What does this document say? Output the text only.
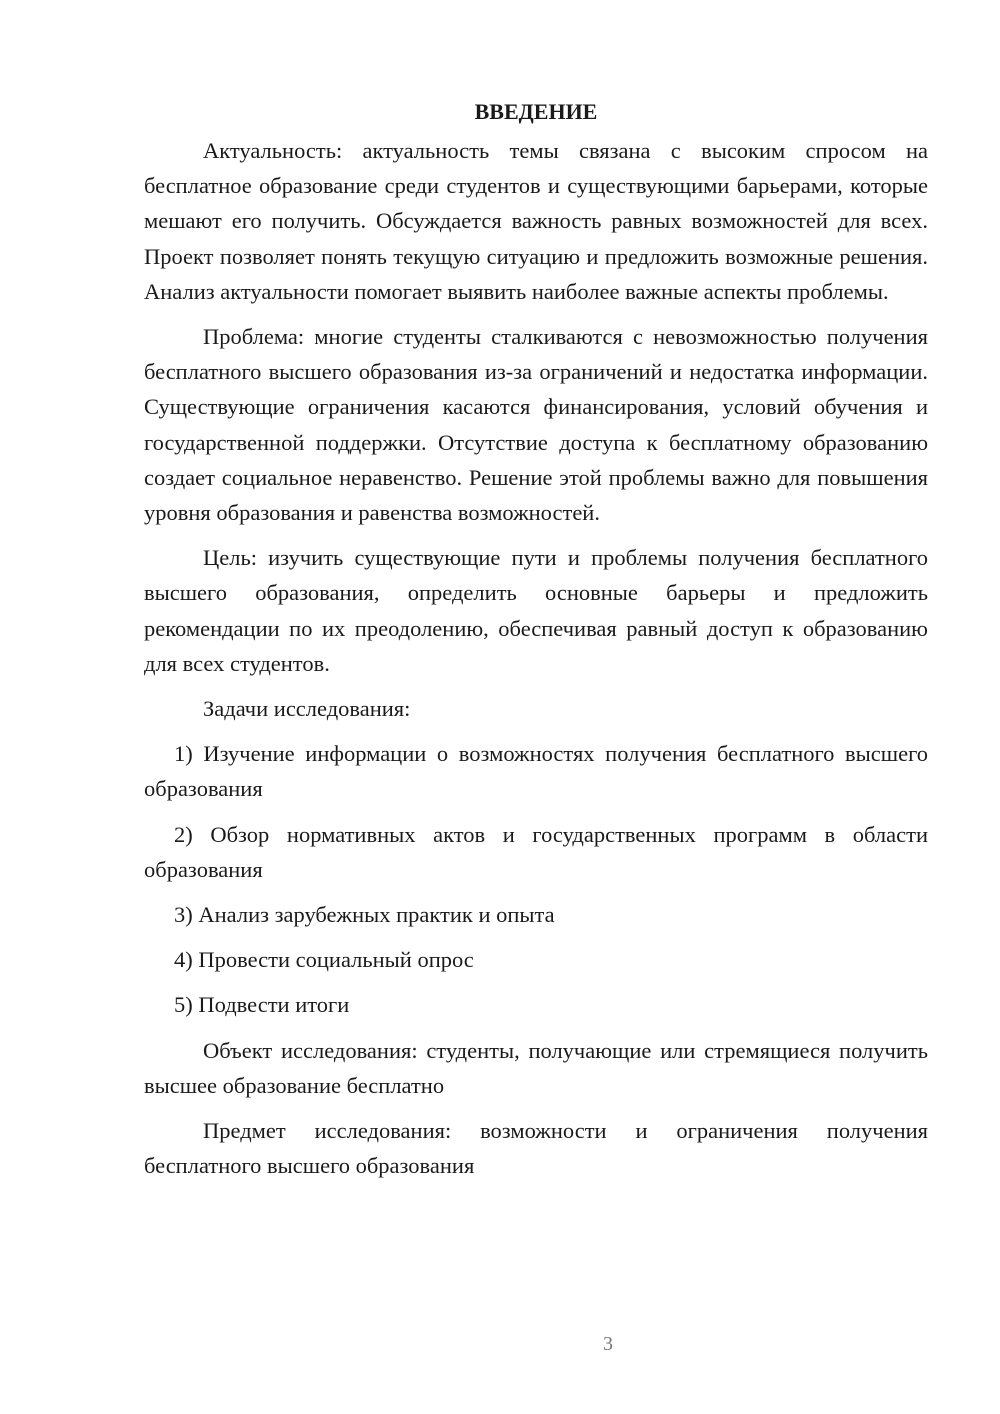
ВВЕДЕНИЕ

Актуальность: актуальность темы связана с высоким спросом на бесплатное образование среди студентов и существующими барьерами, которые мешают его получить. Обсуждается важность равных возможностей для всех. Проект позволяет понять текущую ситуацию и предложить возможные решения. Анализ актуальности помогает выявить наиболее важные аспекты проблемы.

Проблема: многие студенты сталкиваются с невозможностью получения бесплатного высшего образования из-за ограничений и недостатка информации. Существующие ограничения касаются финансирования, условий обучения и государственной поддержки. Отсутствие доступа к бесплатному образованию создает социальное неравенство. Решение этой проблемы важно для повышения уровня образования и равенства возможностей.

Цель: изучить существующие пути и проблемы получения бесплатного высшего образования, определить основные барьеры и предложить рекомендации по их преодолению, обеспечивая равный доступ к образованию для всех студентов.

Задачи исследования:

1) Изучение информации о возможностях получения бесплатного высшего образования

2) Обзор нормативных актов и государственных программ в области образования

3) Анализ зарубежных практик и опыта

4) Провести социальный опрос

5) Подвести итоги

Объект исследования: студенты, получающие или стремящиеся получить высшее образование бесплатно

Предмет исследования: возможности и ограничения получения бесплатного высшего образования

3
